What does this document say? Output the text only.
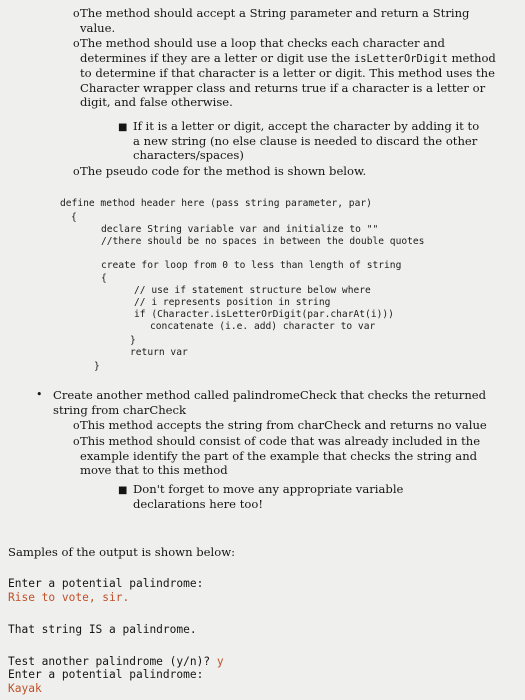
o The method should accept a String parameter and return a String value.
o The method should use a loop that checks each character and determines if they are a letter or digit use the isLetterOrDigit method to determine if that character is a letter or digit. This method uses the Character wrapper class and returns true if a character is a letter or digit, and false otherwise.
■ If it is a letter or digit, accept the character by adding it to a new string (no else clause is needed to discard the other characters/spaces)
o The pseudo code for the method is shown below.
define method header here (pass string parameter, par)
{
declare String variable var and initialize to ""
//there should be no spaces in between the double quotes
create for loop from 0 to less than length of string
{
// use if statement structure below where
// i represents position in string
if (Character.isLetterOrDigit(par.charAt(i)))
concatenate (i.e. add) character to var
}
return var
}
• Create another method called palindromeCheck that checks the returned string from charCheck
o This method accepts the string from charCheck and returns no value
o This method should consist of code that was already included in the example identify the part of the example that checks the string and move that to this method
■ Don't forget to move any appropriate variable declarations here too!
Samples of the output is shown below:
Enter a potential palindrome:
Rise to vote, sir.
That string IS a palindrome.
Test another palindrome (y/n)? y
Enter a potential palindrome:
Kayak
